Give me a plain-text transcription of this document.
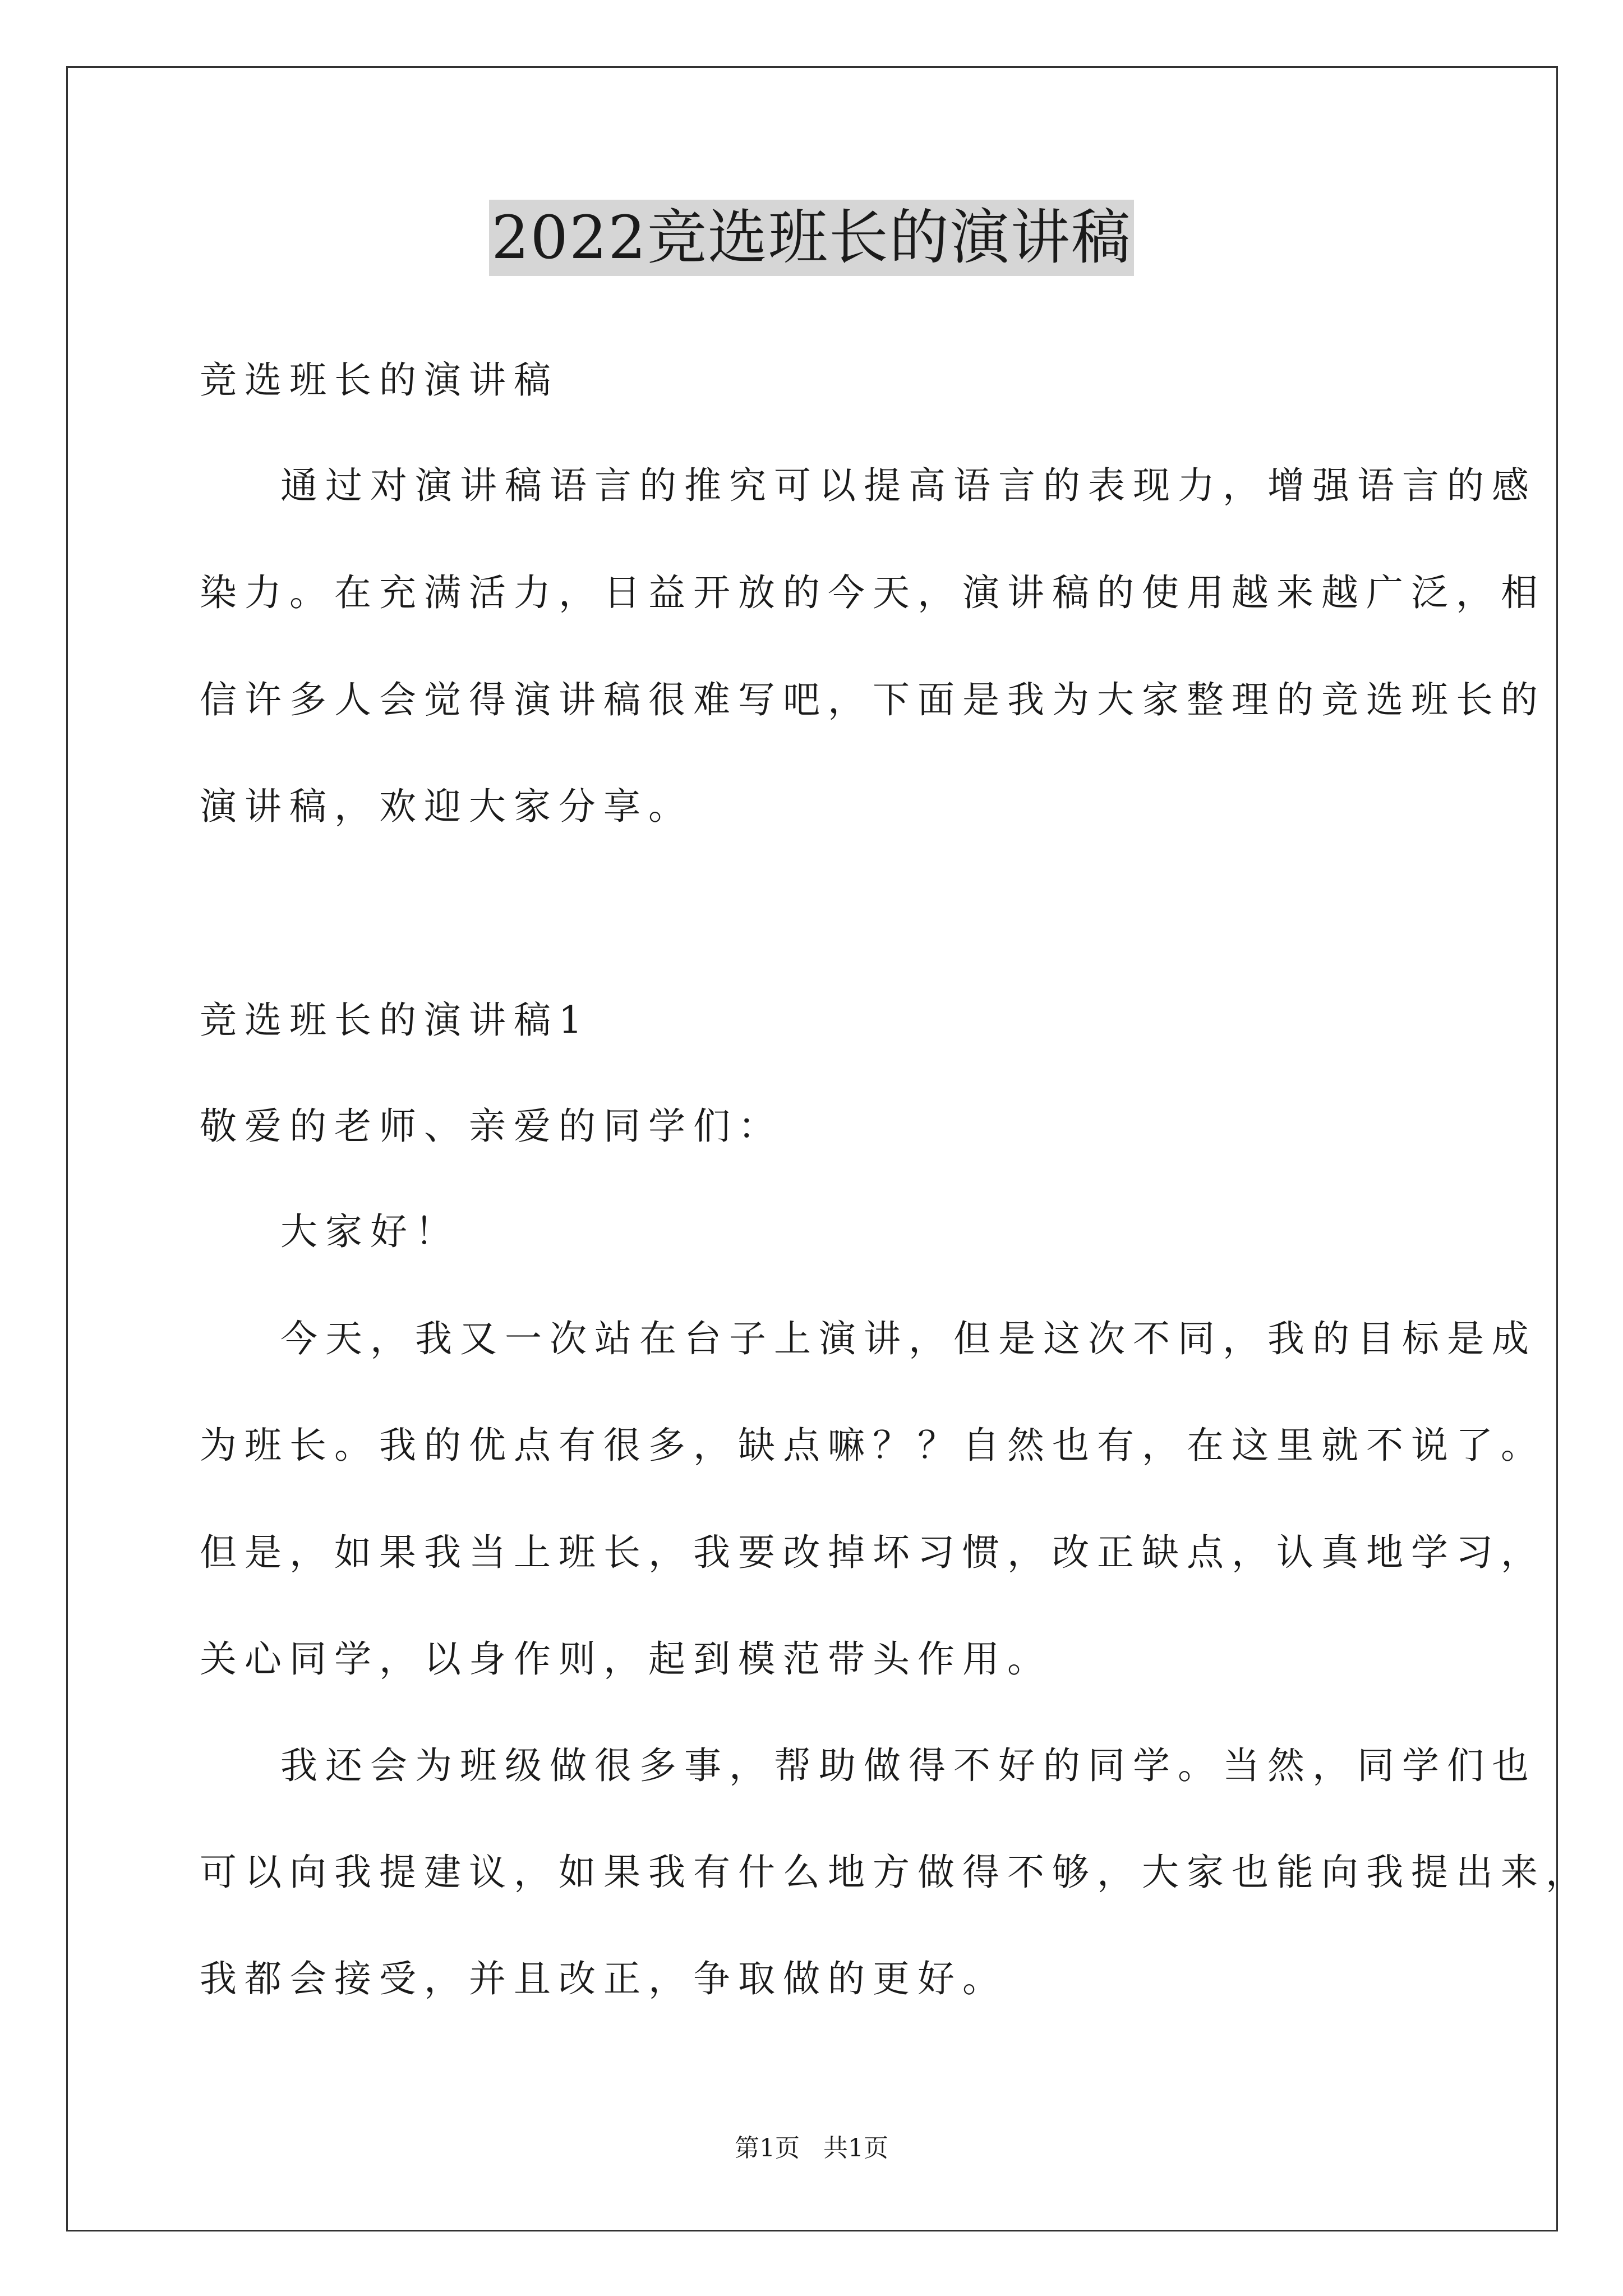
2022竞选班长的演讲稿

竞选班长的演讲稿

通过对演讲稿语言的推究可以提高语言的表现力，增强语言的感

染力。在充满活力，日益开放的今天，演讲稿的使用越来越广泛，相

信许多人会觉得演讲稿很难写吧，下面是我为大家整理的竞选班长的

演讲稿，欢迎大家分享。

竞选班长的演讲稿1

敬爱的老师、亲爱的同学们：

大家好！

今天，我又一次站在台子上演讲，但是这次不同，我的目标是成

为班长。我的优点有很多，缺点嘛？？自然也有，在这里就不说了。

但是，如果我当上班长，我要改掉坏习惯，改正缺点，认真地学习，

关心同学，以身作则，起到模范带头作用。

我还会为班级做很多事，帮助做得不好的同学。当然，同学们也

可以向我提建议，如果我有什么地方做得不够，大家也能向我提出来，

我都会接受，并且改正，争取做的更好。

第1页 共1页
